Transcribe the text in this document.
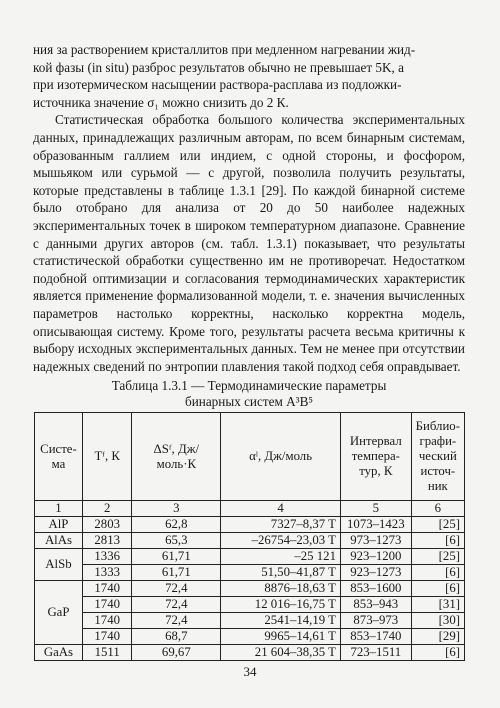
ния за растворением кристаллитов при медленном нагревании жид-
кой фазы (in situ) разброс результатов обычно не превышает 5K, а
при изотермическом насыщении раствора-расплава из подложки-
источника значение σ₁ можно снизить до 2 К.

Статистическая обработка большого количества экспериментальных данных, принадлежащих различным авторам, по всем бинарным системам, образованным галлием или индием, с одной стороны, и фосфором, мышьяком или сурьмой — с другой, позволила получить результаты, которые представлены в таблице 1.3.1 [29]. По каждой бинарной системе было отобрано для анализа от 20 до 50 наиболее надежных экспериментальных точек в широком температурном диапазоне. Сравнение с данными других авторов (см. табл. 1.3.1) показывает, что результаты статистической обработки существенно им не противоречат. Недостатком подобной оптимизации и согласования термодинамических характеристик является применение формализованной модели, т. е. значения вычисленных параметров настолько корректны, насколько корректна модель, описывающая систему. Кроме того, результаты расчета весьма критичны к выбору исходных экспериментальных данных. Тем не менее при отсутствии надежных сведений по энтропии плавления такой подход себя оправдывает.

Таблица 1.3.1 — Термодинамические параметры
бинарных систем A³B⁵
Систе-ма	Tᶠ, К	ΔSᶠ, Дж/моль·К	αˡ, Дж/моль	Интервал темпера-тур, К	Библио-графи-ческий источ-ник
1	2	3	4	5	6
AlP	2803	62,8	7327–8,37 T	1073–1423	[25]
AlAs	2813	65,3	–26754–23,03 T	973–1273	[6]
AlSb	1336	61,71	–25 121	923–1200	[25]
	1333	61,71	51,50–41,87 T	923–1273	[6]
GaP	1740	72,4	8876–18,63 T	853–1600	[6]
	1740	72,4	12 016–16,75 T	853–943	[31]
	1740	72,4	2541–14,19 T	873–973	[30]
	1740	68,7	9965–14,61 T	853–1740	[29]
GaAs	1511	69,67	21 604–38,35 T	723–1511	[6]
34
